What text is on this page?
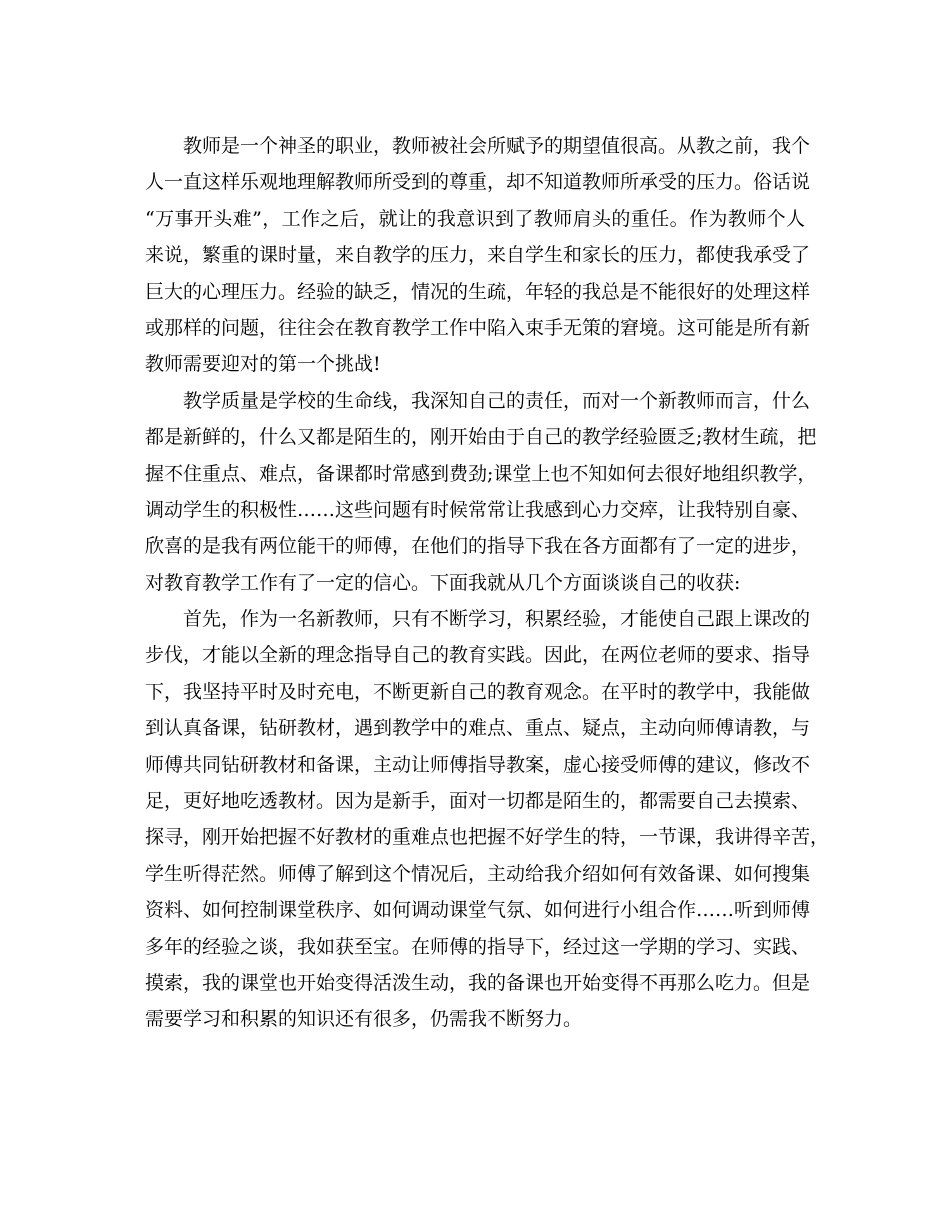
教师是一个神圣的职业，教师被社会所赋予的期望值很高。从教之前，我个
人一直这样乐观地理解教师所受到的尊重，却不知道教师所承受的压力。俗话说
“万事开头难”，工作之后，就让的我意识到了教师肩头的重任。作为教师个人
来说，繁重的课时量，来自教学的压力，来自学生和家长的压力，都使我承受了
巨大的心理压力。经验的缺乏，情况的生疏，年轻的我总是不能很好的处理这样
或那样的问题，往往会在教育教学工作中陷入束手无策的窘境。这可能是所有新
教师需要迎对的第一个挑战!
教学质量是学校的生命线，我深知自己的责任，而对一个新教师而言，什么
都是新鲜的，什么又都是陌生的，刚开始由于自己的教学经验匮乏;教材生疏，把
握不住重点、难点，备课都时常感到费劲;课堂上也不知如何去很好地组织教学，
调动学生的积极性……这些问题有时候常常让我感到心力交瘁，让我特别自豪、
欣喜的是我有两位能干的师傅，在他们的指导下我在各方面都有了一定的进步，
对教育教学工作有了一定的信心。下面我就从几个方面谈谈自己的收获:
首先，作为一名新教师，只有不断学习，积累经验，才能使自己跟上课改的
步伐，才能以全新的理念指导自己的教育实践。因此，在两位老师的要求、指导
下，我坚持平时及时充电，不断更新自己的教育观念。在平时的教学中，我能做
到认真备课，钻研教材，遇到教学中的难点、重点、疑点，主动向师傅请教，与
师傅共同钻研教材和备课，主动让师傅指导教案，虚心接受师傅的建议，修改不
足，更好地吃透教材。因为是新手，面对一切都是陌生的，都需要自己去摸索、
探寻，刚开始把握不好教材的重难点也把握不好学生的特，一节课，我讲得辛苦，
学生听得茫然。师傅了解到这个情况后，主动给我介绍如何有效备课、如何搜集
资料、如何控制课堂秩序、如何调动课堂气氛、如何进行小组合作……听到师傅
多年的经验之谈，我如获至宝。在师傅的指导下，经过这一学期的学习、实践、
摸索，我的课堂也开始变得活泼生动，我的备课也开始变得不再那么吃力。但是
需要学习和积累的知识还有很多，仍需我不断努力。
